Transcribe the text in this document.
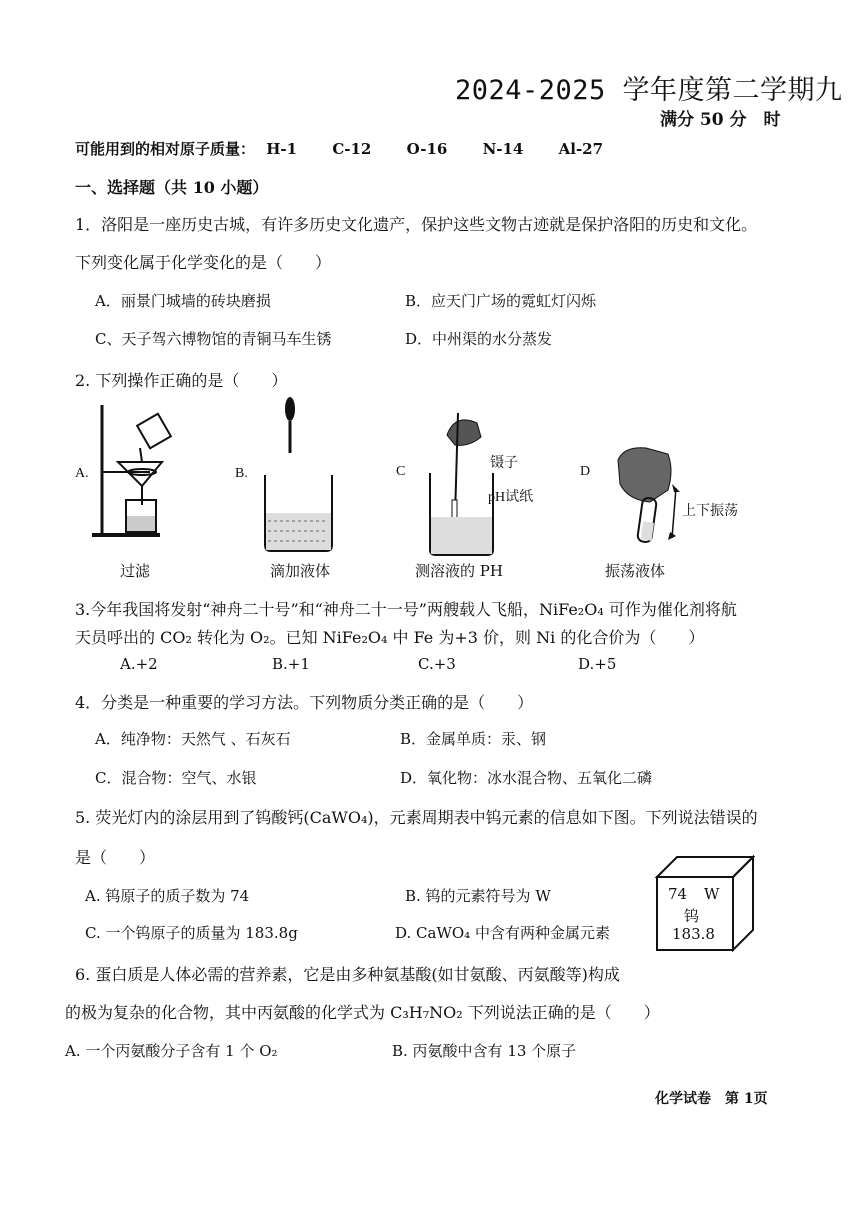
2024-2025 学年度第二学期九
满分 50 分　时
可能用到的相对原子质量： H-1 C-12 O-16 N-14 Al-27
一、选择题（共 10 小题）
1．洛阳是一座历史古城，有许多历史文化遗产，保护这些文物古迹就是保护洛阳的历史和文化。
下列变化属于化学变化的是（　　）
A．丽景门城墙的砖块磨损	B．应天门广场的霓虹灯闪烁
C、天子驾六博物馆的青铜马车生锈	D．中州渠的水分蒸发
2. 下列操作正确的是（　　）
A.
过滤
B.
滴加液体
C
镊子
pH试纸
测溶液的 PH
D
上下振荡
振荡液体
3.今年我国将发射“神舟二十号”和“神舟二十一号”两艘载人飞船，NiFe₂O₄ 可作为催化剂将航
天员呼出的 CO₂ 转化为 O₂。已知 NiFe₂O₄ 中 Fe 为+3 价，则 Ni 的化合价为（　　）
A.+2	B.+1	C.+3	D.+5
4．分类是一种重要的学习方法。下列物质分类正确的是（　　）
A．纯净物：天然气 、石灰石	B．金属单质：汞、钢
C．混合物：空气、水银	D．氧化物：冰水混合物、五氧化二磷
5. 荧光灯内的涂层用到了钨酸钙(CaWO₄)，元素周期表中钨元素的信息如下图。下列说法错误的
是（　　）
A. 钨原子的质子数为 74	B. 钨的元素符号为 W
C. 一个钨原子的质量为 183.8g	D. CaWO₄ 中含有两种金属元素
74 W
钨
183.8
6. 蛋白质是人体必需的营养素，它是由多种氨基酸(如甘氨酸、丙氨酸等)构成
的极为复杂的化合物，其中丙氨酸的化学式为 C₃H₇NO₂ 下列说法正确的是（　　）
A. 一个丙氨酸分子含有 1 个 O₂	B. 丙氨酸中含有 13 个原子
化学试卷　第 1页
